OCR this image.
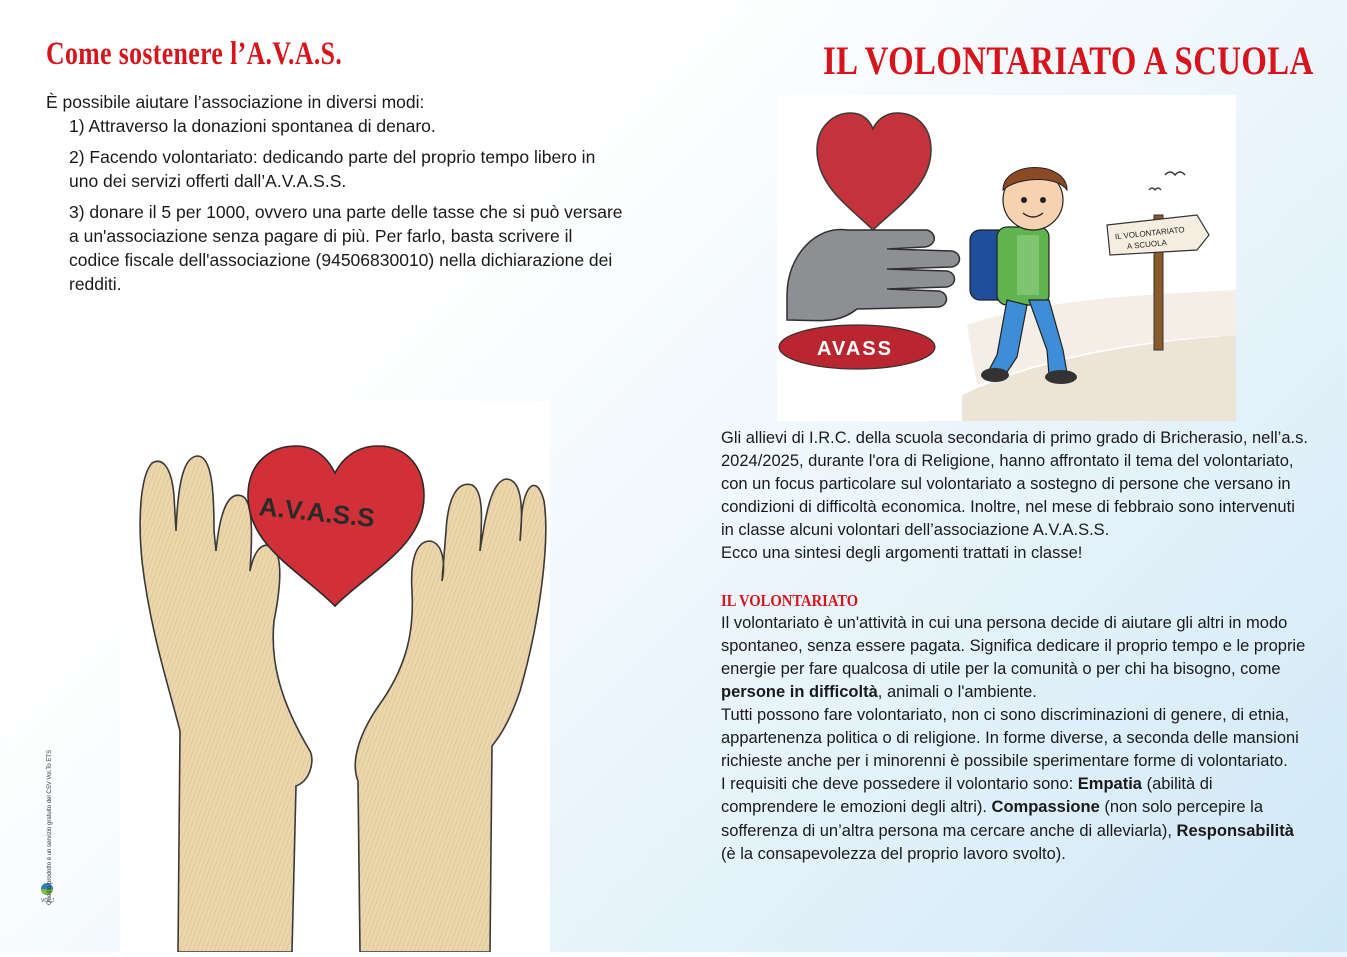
Come sostenere l’A.V.A.S.

È possibile aiutare l’associazione in diversi modi:

1) Attraverso la donazioni spontanea di denaro.

2) Facendo volontariato: dedicando parte del proprio tempo libero in uno dei servizi offerti dall’A.V.A.S.S.

3) donare il 5 per 1000, ovvero una parte delle tasse che si può versare a un'associazione senza pagare di più. Per farlo, basta scrivere il codice fiscale dell'associazione (94506830010) nella dichiarazione dei redditi.

A.V.A.S.S
VOL.
Questo prodotto è un servizio gratuito del CSV Vol.To ETS
IL VOLONTARIATO A SCUOLA
AVASS
IL VOLONTARIATO
A SCUOLA

Gli allievi di I.R.C. della scuola secondaria di primo grado di Bricherasio, nell’a.s. 2024/2025, durante l'ora di Religione, hanno affrontato il tema del volontariato, con un focus particolare sul volontariato a sostegno di persone che versano in condizioni di difficoltà economica. Inoltre, nel mese di febbraio sono intervenuti in classe alcuni volontari dell’associazione A.V.A.S.S.

Ecco una sintesi degli argomenti trattati in classe!

IL VOLONTARIATO

Il volontariato è un'attività in cui una persona decide di aiutare gli altri in modo spontaneo, senza essere pagata. Significa dedicare il proprio tempo e le proprie energie per fare qualcosa di utile per la comunità o per chi ha bisogno, come persone in difficoltà, animali o l'ambiente.

Tutti possono fare volontariato, non ci sono discriminazioni di genere, di etnia, appartenenza politica o di religione. In forme diverse, a seconda delle mansioni richieste anche per i minorenni è possibile sperimentare forme di volontariato.

I requisiti che deve possedere il volontario sono: Empatia (abilità di comprendere le emozioni degli altri). Compassione (non solo percepire la sofferenza di un’altra persona ma cercare anche di alleviarla), Responsabilità (è la consapevolezza del proprio lavoro svolto).
